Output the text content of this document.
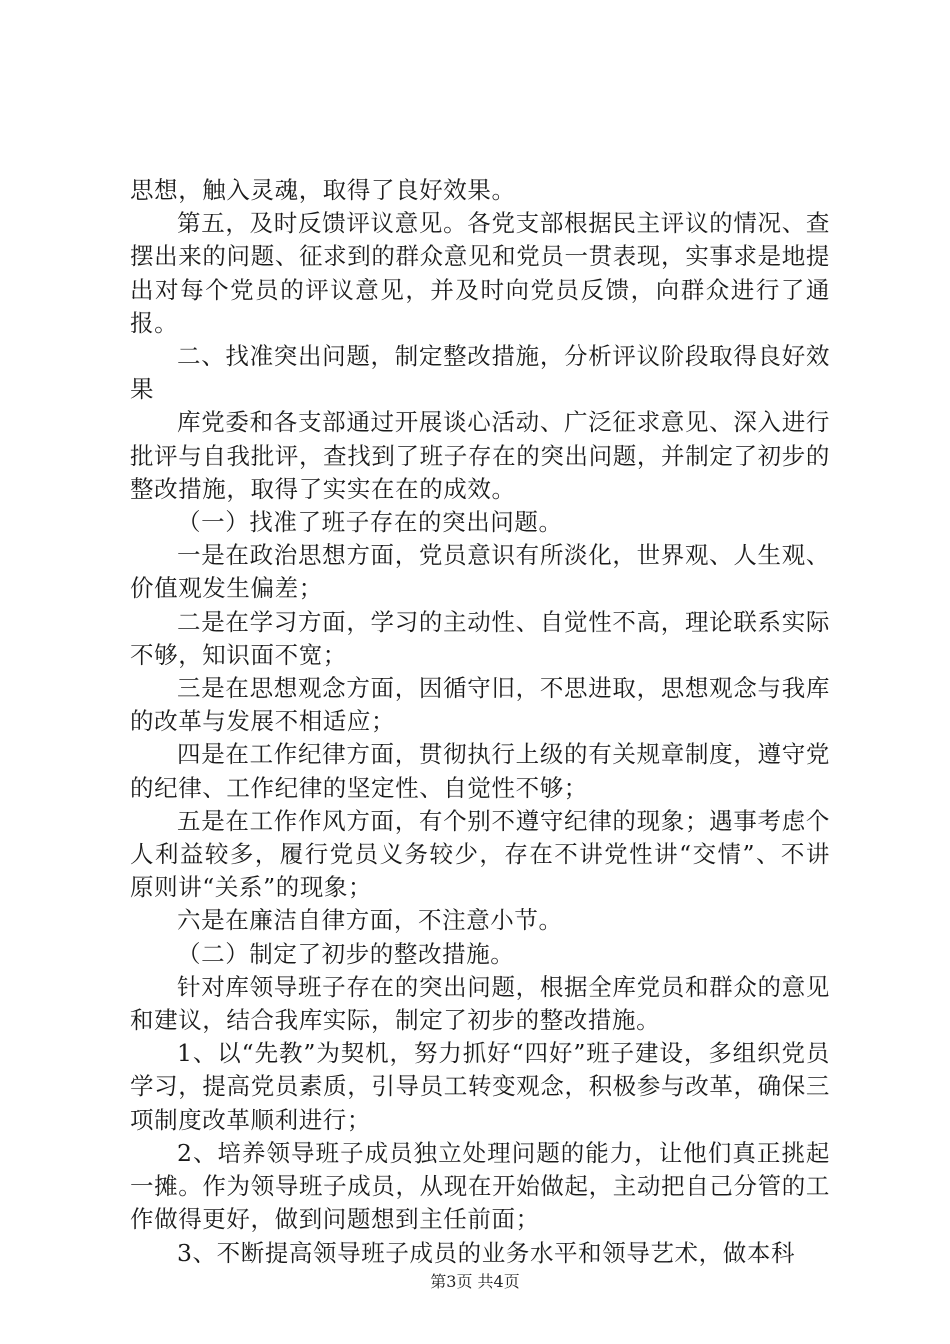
思想，触入灵魂，取得了良好效果。

第五，及时反馈评议意见。各党支部根据民主评议的情况、查摆出来的问题、征求到的群众意见和党员一贯表现，实事求是地提出对每个党员的评议意见，并及时向党员反馈，向群众进行了通报。

二、找准突出问题，制定整改措施，分析评议阶段取得良好效果

库党委和各支部通过开展谈心活动、广泛征求意见、深入进行批评与自我批评，查找到了班子存在的突出问题，并制定了初步的整改措施，取得了实实在在的成效。

（一）找准了班子存在的突出问题。

一是在政治思想方面，党员意识有所淡化，世界观、人生观、价值观发生偏差；

二是在学习方面，学习的主动性、自觉性不高，理论联系实际不够，知识面不宽；

三是在思想观念方面，因循守旧，不思进取，思想观念与我库的改革与发展不相适应；

四是在工作纪律方面，贯彻执行上级的有关规章制度，遵守党的纪律、工作纪律的坚定性、自觉性不够；

五是在工作作风方面，有个别不遵守纪律的现象；遇事考虑个人利益较多，履行党员义务较少，存在不讲党性讲“交情”、不讲原则讲“关系”的现象；

六是在廉洁自律方面，不注意小节。

（二）制定了初步的整改措施。

针对库领导班子存在的突出问题，根据全库党员和群众的意见和建议，结合我库实际，制定了初步的整改措施。

1、以“先教”为契机，努力抓好“四好”班子建设，多组织党员学习，提高党员素质，引导员工转变观念，积极参与改革，确保三项制度改革顺利进行；

2、培养领导班子成员独立处理问题的能力，让他们真正挑起一摊。作为领导班子成员，从现在开始做起，主动把自己分管的工作做得更好，做到问题想到主任前面；

3、不断提高领导班子成员的业务水平和领导艺术，做本科

第3页 共4页
